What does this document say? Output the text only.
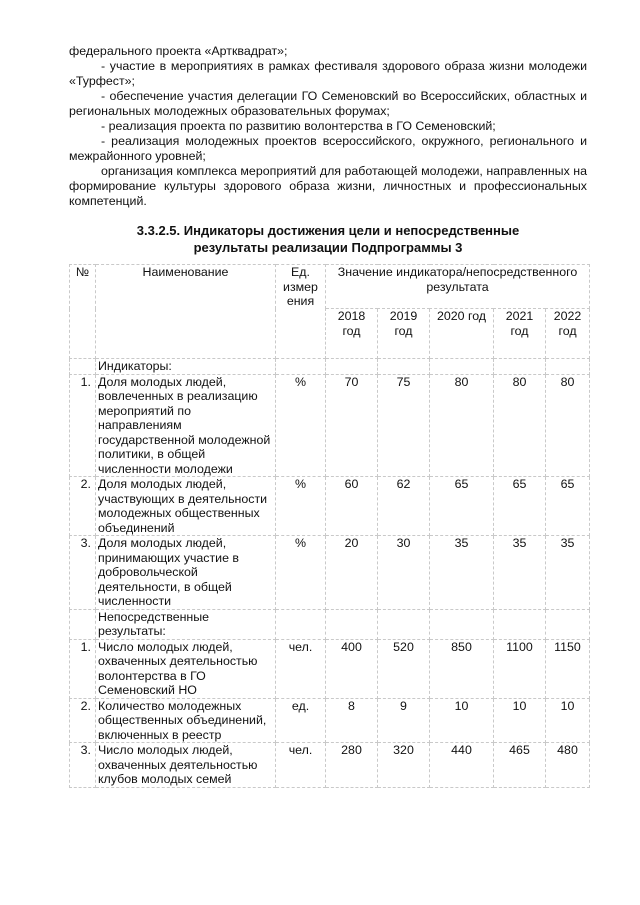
федерального проекта «Артквадрат»;

- участие в мероприятиях в рамках фестиваля здорового образа жизни молодежи «Турфест»;

- обеспечение участия делегации ГО Семеновский во Всероссийских, областных и региональных молодежных образовательных форумах;

- реализация проекта по развитию волонтерства в ГО Семеновский;

- реализация молодежных проектов всероссийского, окружного, регионального и межрайонного уровней;

организация комплекса мероприятий для работающей молодежи, направленных на формирование культуры здорового образа жизни, личностных и профессиональных компетенций.

3.3.2.5. Индикаторы достижения цели и непосредственные
результаты реализации Подпрограммы 3
№	Наименование	Ед. измер ения	Значение индикатора/непосредственного результата				
			2018 год	2019 год	2020 год	2021 год	2022 год
	Индикаторы:						
1.	Доля молодых людей, вовлеченных в реализацию мероприятий по направлениям государственной молодежной политики, в общей численности молодежи	%	70	75	80	80	80
2.	Доля молодых людей, участвующих в деятельности молодежных общественных объединений	%	60	62	65	65	65
3.	Доля молодых людей, принимающих участие в добровольческой деятельности, в общей численности	%	20	30	35	35	35
	Непосредственные результаты:						
1.	Число молодых людей, охваченных деятельностью волонтерства в ГО Семеновский НО	чел.	400	520	850	1100	1150
2.	Количество молодежных общественных объединений, включенных в реестр	ед.	8	9	10	10	10
3.	Число молодых людей, охваченных деятельностью клубов молодых семей	чел.	280	320	440	465	480
